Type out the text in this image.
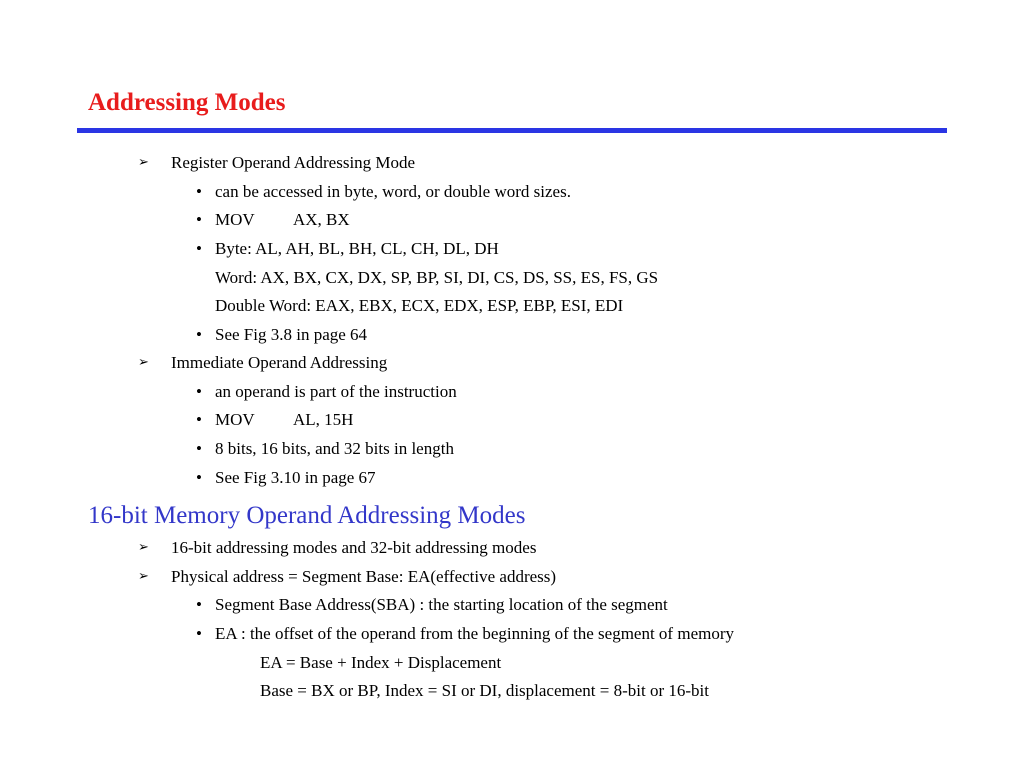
Addressing Modes
➢ Register Operand Addressing Mode
• can be accessed in byte, word, or double word sizes.
• MOV AX, BX
• Byte: AL, AH, BL, BH, CL, CH, DL, DH
Word: AX, BX, CX, DX, SP, BP, SI, DI, CS, DS, SS, ES, FS, GS
Double Word: EAX, EBX, ECX, EDX, ESP, EBP, ESI, EDI
• See Fig 3.8 in page 64
➢ Immediate Operand Addressing
• an operand is part of the instruction
• MOV AL, 15H
• 8 bits, 16 bits, and 32 bits in length
• See Fig 3.10 in page 67
16-bit Memory Operand Addressing Modes
➢ 16-bit addressing modes and 32-bit addressing modes
➢ Physical address = Segment Base: EA(effective address)
• Segment Base Address(SBA) : the starting location of the segment
• EA : the offset of the operand from the beginning of the segment of memory
EA = Base + Index + Displacement
Base = BX or BP, Index = SI or DI, displacement = 8-bit or 16-bit
